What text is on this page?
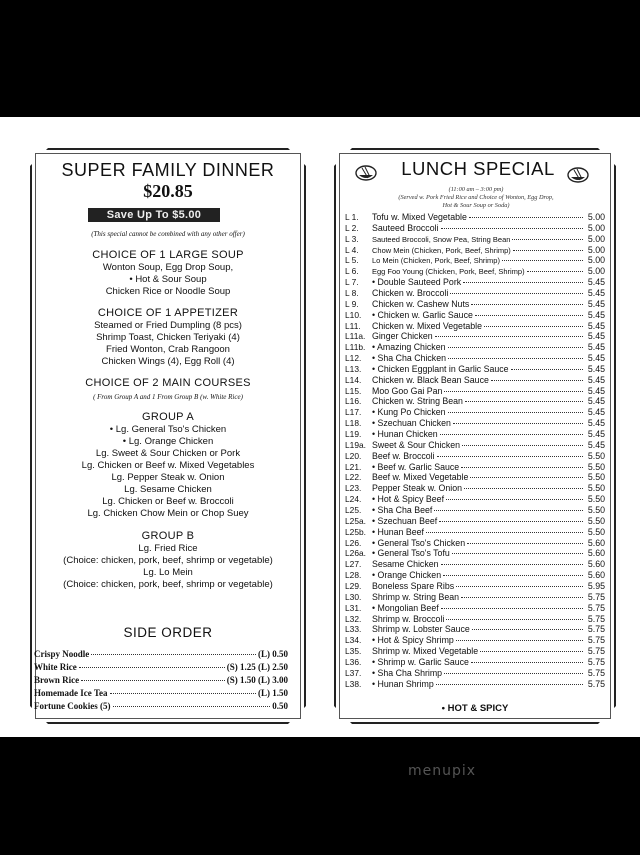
SUPER FAMILY DINNER
$20.85
Save Up To $5.00
(This special cannot be combined with any other offer)
CHOICE OF 1 LARGE SOUP
Wonton Soup, Egg Drop Soup,
• Hot & Sour Soup
Chicken Rice or Noodle Soup
CHOICE OF 1 APPETIZER
Steamed or Fried Dumpling (8 pcs)
Shrimp Toast, Chicken Teriyaki (4)
Fried Wonton, Crab Rangoon
Chicken Wings (4), Egg Roll (4)
CHOICE OF 2 MAIN COURSES
( From Group A and 1 From Group B (w. White Rice)
GROUP A
• Lg. General Tso's Chicken
• Lg. Orange Chicken
Lg. Sweet & Sour Chicken or Pork
Lg. Chicken or Beef w. Mixed Vegetables
Lg. Pepper Steak w. Onion
Lg. Sesame Chicken
Lg. Chicken or Beef w. Broccoli
Lg. Chicken Chow Mein or Chop Suey
GROUP B
Lg. Fried Rice
(Choice: chicken, pork, beef, shrimp or vegetable)
Lg. Lo Mein
(Choice: chicken, pork, beef, shrimp or vegetable)
SIDE ORDER
Crispy Noodle	(L) 0.50
White Rice	(S) 1.25 (L) 2.50
Brown Rice	(S) 1.50 (L) 3.00
Homemade Ice Tea	(L) 1.50
Fortune Cookies (5)	0.50
LUNCH SPECIAL
(11:00 am – 3:00 pm)
(Served w. Pork Fried Rice and Choice of Wonton, Egg Drop,
Hot & Sour Soup or Soda)
L 1.	Tofu w. Mixed Vegetable	5.00
L 2.	Sauteed Broccoli	5.00
L 3.	Sauteed Broccoli, Snow Pea, String Bean	5.00
L 4.	Chow Mein (Chicken, Pork, Beef, Shrimp)	5.00
L 5.	Lo Mein (Chicken, Pork, Beef, Shrimp)	5.00
L 6.	Egg Foo Young (Chicken, Pork, Beef, Shrimp)	5.00
L 7.	• Double Sauteed Pork	5.45
L 8.	Chicken w. Broccoli	5.45
L 9.	Chicken w. Cashew Nuts	5.45
L10.	• Chicken w. Garlic Sauce	5.45
L11.	Chicken w. Mixed Vegetable	5.45
L11a. Ginger Chicken	5.45
L11b. • Amazing Chicken	5.45
L12.	• Sha Cha Chicken	5.45
L13.	• Chicken Eggplant in Garlic Sauce	5.45
L14.	Chicken w. Black Bean Sauce	5.45
L15.	Moo Goo Gai Pan	5.45
L16.	Chicken w. String Bean	5.45
L17.	• Kung Po Chicken	5.45
L18.	• Szechuan Chicken	5.45
L19.	• Hunan Chicken	5.45
L19a. Sweet & Sour Chicken	5.45
L20.	Beef w. Broccoli	5.50
L21.	• Beef w. Garlic Sauce	5.50
L22.	Beef w. Mixed Vegetable	5.50
L23.	Pepper Steak w. Onion	5.50
L24.	• Hot & Spicy Beef	5.50
L25.	• Sha Cha Beef	5.50
L25a. • Szechuan Beef	5.50
L25b. • Hunan Beef	5.50
L26.	• General Tso's Chicken	5.60
L26a. • General Tso's Tofu	5.60
L27.	Sesame Chicken	5.60
L28.	• Orange Chicken	5.60
L29.	Boneless Spare Ribs	5.95
L30.	Shrimp w. String Bean	5.75
L31.	• Mongolian Beef	5.75
L32.	Shrimp w. Broccoli	5.75
L33.	Shrimp w. Lobster Sauce	5.75
L34.	• Hot & Spicy Shrimp	5.75
L35.	Shrimp w. Mixed Vegetable	5.75
L36.	• Shrimp w. Garlic Sauce	5.75
L37.	• Sha Cha Shrimp	5.75
L38.	• Hunan Shrimp	5.75
• HOT & SPICY
menupix
